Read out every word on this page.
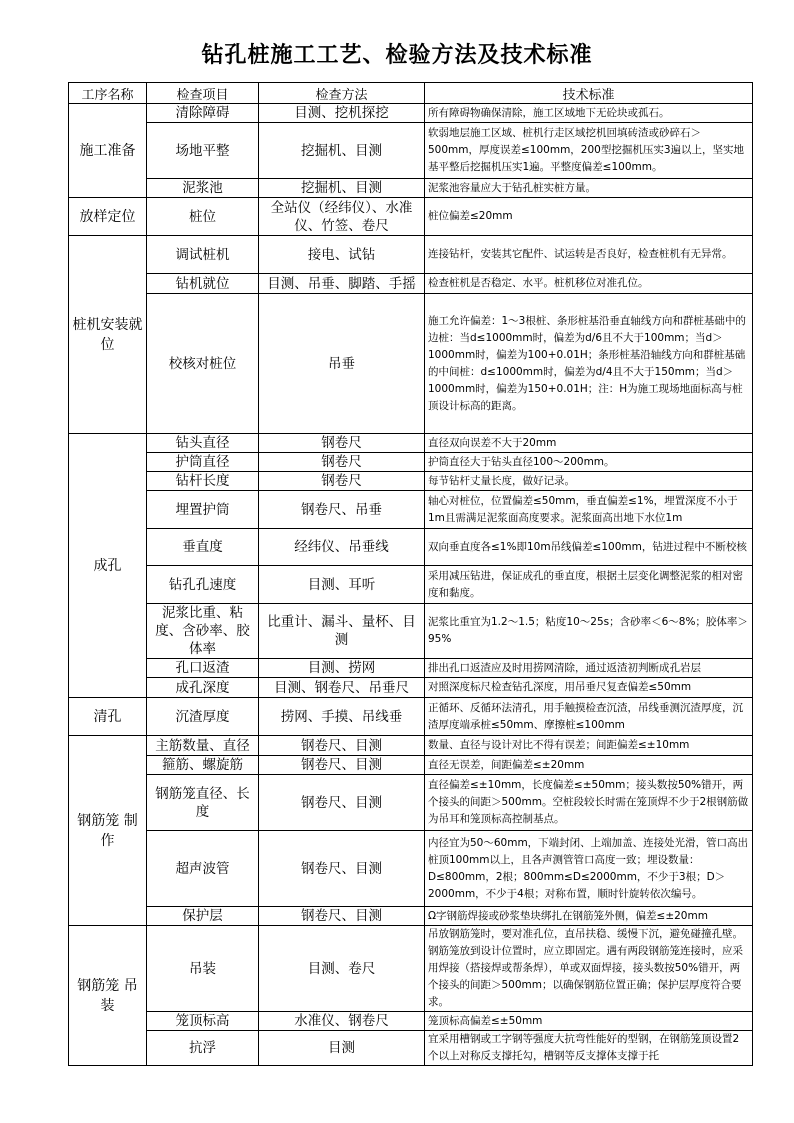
钻孔桩施工工艺、检验方法及技术标准
工序名称	检查项目	检查方法	技术标准
施工准备	清除障碍	目测、挖机探挖	所有障碍物确保清除，施工区域地下无砼块或孤石。
	场地平整	挖掘机、目测	软弱地层施工区域、桩机行走区域挖机回填砖渣或砂碎石＞500mm，厚度误差≤100mm，200型挖掘机压实3遍以上，坚实地基平整后挖掘机压实1遍。平整度偏差≤100mm。
	泥浆池	挖掘机、目测	泥浆池容量应大于钻孔桩实桩方量。
放样定位	桩位	全站仪（经纬仪）、水准仪、竹签、卷尺	桩位偏差≤20mm
桩机安装就位	调试桩机	接电、试钻	连接钻杆，安装其它配件、试运转是否良好，检查桩机有无异常。
	钻机就位	目测、吊垂、脚踏、手摇	检查桩机是否稳定、水平。桩机移位对准孔位。
	校核对桩位	吊垂	施工允许偏差：1～3根桩、条形桩基沿垂直轴线方向和群桩基础中的边桩：当d≤1000mm时，偏差为d/6且不大于100mm；当d＞1000mm时，偏差为100+0.01H；条形桩基沿轴线方向和群桩基础的中间桩：d≤1000mm时，偏差为d/4且不大于150mm；当d＞1000mm时，偏差为150+0.01H；注：H为施工现场地面标高与桩顶设计标高的距离。
成孔	钻头直径	钢卷尺	直径双向误差不大于20mm
	护筒直径	钢卷尺	护筒直径大于钻头直径100～200mm。
	钻杆长度	钢卷尺	每节钻杆丈量长度，做好记录。
	埋置护筒	钢卷尺、吊垂	轴心对桩位，位置偏差≤50mm，垂直偏差≤1%，埋置深度不小于1m且需满足泥浆面高度要求。泥浆面高出地下水位1m
	垂直度	经纬仪、吊垂线	双向垂直度各≤1%即10m吊线偏差≤100mm，钻进过程中不断校核
	钻孔孔速度	目测、耳听	采用减压钻进，保证成孔的垂直度，根据土层变化调整泥浆的相对密度和黏度。
	泥浆比重、粘度、含砂率、胶体率	比重计、漏斗、量杯、目测	泥浆比重宜为1.2～1.5；粘度10～25s；含砂率＜6～8%；胶体率＞95%
	孔口返渣	目测、捞网	排出孔口返渣应及时用捞网清除，通过返渣初判断成孔岩层
	成孔深度	目测、钢卷尺、吊垂尺	对照深度标尺检查钻孔深度，用吊垂尺复查偏差≤50mm
清孔	沉渣厚度	捞网、手摸、吊线垂	正循环、反循环法清孔，用手触摸检查沉渣，吊线垂测沉渣厚度，沉渣厚度端承桩≤50mm、摩擦桩≤100mm
钢筋笼 制作	主筋数量、直径	钢卷尺、目测	数量、直径与设计对比不得有误差；间距偏差≤±10mm
	箍筋、螺旋筋	钢卷尺、目测	直径无误差，间距偏差≤±20mm
	钢筋笼直径、长度	钢卷尺、目测	直径偏差≤±10mm，长度偏差≤±50mm；接头数按50%错开，两个接头的间距＞500mm。空桩段较长时需在笼顶焊不少于2根钢筋做为吊耳和笼顶标高控制基点。
	超声波管	钢卷尺、目测	内径宜为50～60mm，下端封闭、上端加盖、连接处光滑，管口高出桩顶100mm以上，且各声测管管口高度一致；埋设数量：D≤800mm，2根；800mm≤D≤2000mm，不少于3根；D＞2000mm，不少于4根；对称布置，顺时针旋转依次编号。
	保护层	钢卷尺、目测	Ω字钢筋焊接或砂浆垫块绑扎在钢筋笼外侧，偏差≤±20mm
钢筋笼 吊装	吊装	目测、卷尺	吊放钢筋笼时，要对准孔位，直吊扶稳、缓慢下沉，避免碰撞孔壁。钢筋笼放到设计位置时，应立即固定。遇有两段钢筋笼连接时，应采用焊接（搭接焊或帮条焊），单或双面焊接，接头数按50%错开，两个接头的间距＞500mm；以确保钢筋位置正确；保护层厚度符合要求。
	笼顶标高	水准仪、钢卷尺	笼顶标高偏差≤±50mm
	抗浮	目测	宜采用槽钢或工字钢等强度大抗弯性能好的型钢，在钢筋笼顶设置2个以上对称反支撑托勾，槽钢等反支撑体支撑于托
